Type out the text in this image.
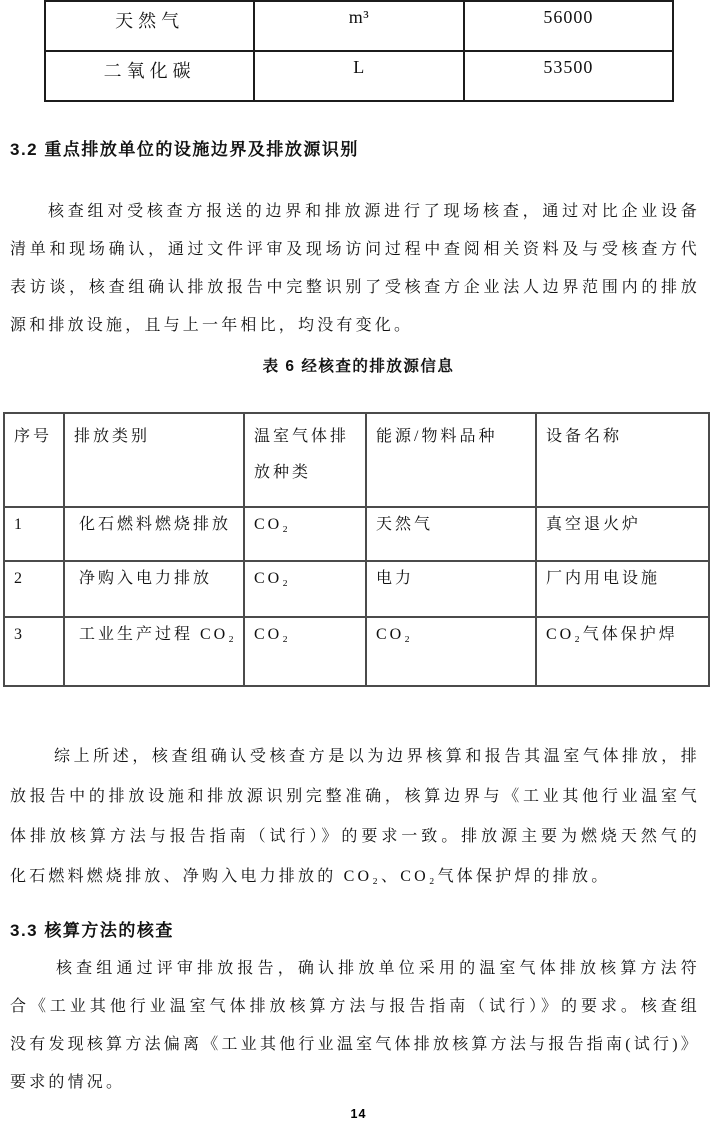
天然气	m³	56000
二氧化碳	L	53500
3.2 重点排放单位的设施边界及排放源识别
核查组对受核查方报送的边界和排放源进行了现场核查，通过对比企业设备
清单和现场确认，通过文件评审及现场访问过程中查阅相关资料及与受核查方代
表访谈，核查组确认排放报告中完整识别了受核查方企业法人边界范围内的排放
源和排放设施，且与上一年相比，均没有变化。
表 6 经核查的排放源信息
序号	排放类别	温室气体排放种类	能源/物料品种	设备名称
1	化石燃料燃烧排放	CO₂	天然气	真空退火炉
2	净购入电力排放	CO₂	电力	厂内用电设施
3	工业生产过程 CO₂	CO₂	CO₂	CO₂气体保护焊
综上所述，核查组确认受核查方是以为边界核算和报告其温室气体排放，排
放报告中的排放设施和排放源识别完整准确，核算边界与《工业其他行业温室气
体排放核算方法与报告指南（试行）》的要求一致。排放源主要为燃烧天然气的
化石燃料燃烧排放、净购入电力排放的 CO₂、CO₂气体保护焊的排放。
3.3 核算方法的核查
核查组通过评审排放报告，确认排放单位采用的温室气体排放核算方法符
合《工业其他行业温室气体排放核算方法与报告指南（试行）》的要求。核查组
没有发现核算方法偏离《工业其他行业温室气体排放核算方法与报告指南(试行)》
要求的情况。
14
